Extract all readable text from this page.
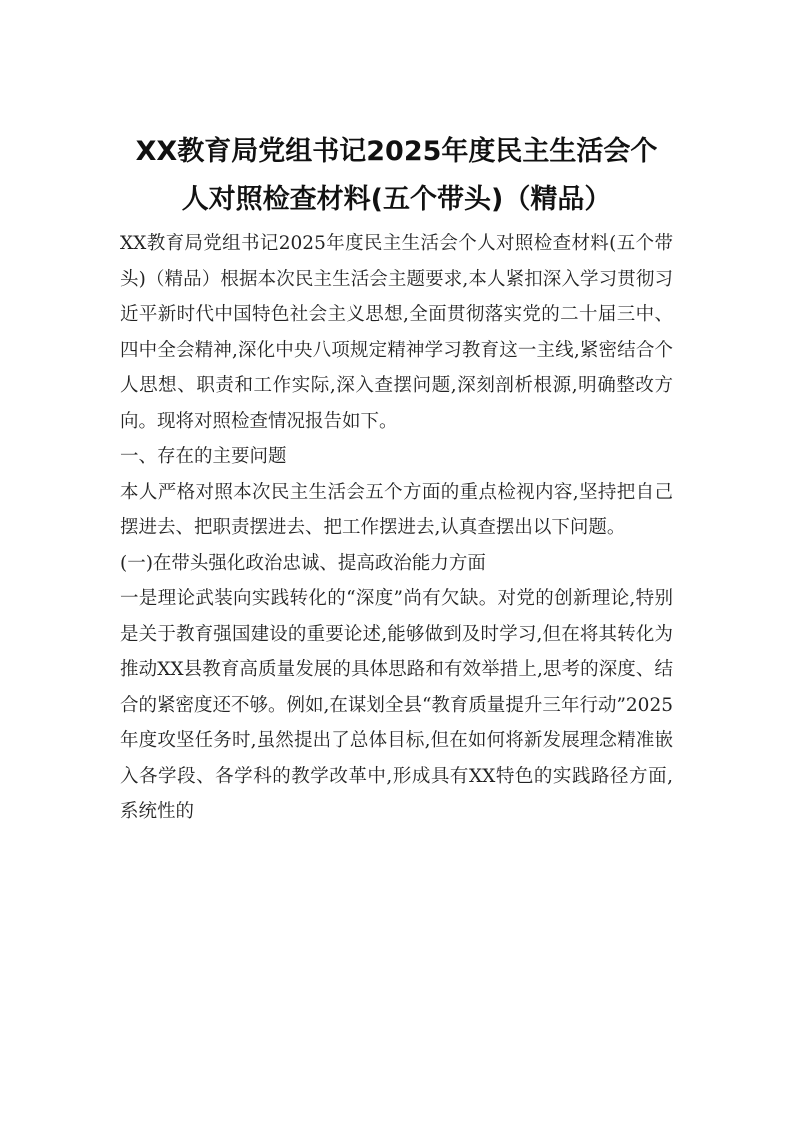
XX教育局党组书记2025年度民主生活会个
人对照检查材料(五个带头)（精品）

XX教育局党组书记2025年度民主生活会个人对照检查材料(五个带头)（精品）根据本次民主生活会主题要求,本人紧扣深入学习贯彻习近平新时代中国特色社会主义思想,全面贯彻落实党的二十届三中、四中全会精神,深化中央八项规定精神学习教育这一主线,紧密结合个人思想、职责和工作实际,深入查摆问题,深刻剖析根源,明确整改方向。现将对照检查情况报告如下。

一、存在的主要问题

本人严格对照本次民主生活会五个方面的重点检视内容,坚持把自己摆进去、把职责摆进去、把工作摆进去,认真查摆出以下问题。

(一)在带头强化政治忠诚、提高政治能力方面

一是理论武装向实践转化的“深度”尚有欠缺。对党的创新理论,特别是关于教育强国建设的重要论述,能够做到及时学习,但在将其转化为推动XX县教育高质量发展的具体思路和有效举措上,思考的深度、结合的紧密度还不够。例如,在谋划全县“教育质量提升三年行动”2025年度攻坚任务时,虽然提出了总体目标,但在如何将新发展理念精准嵌入各学段、各学科的教学改革中,形成具有XX特色的实践路径方面,系统性的
